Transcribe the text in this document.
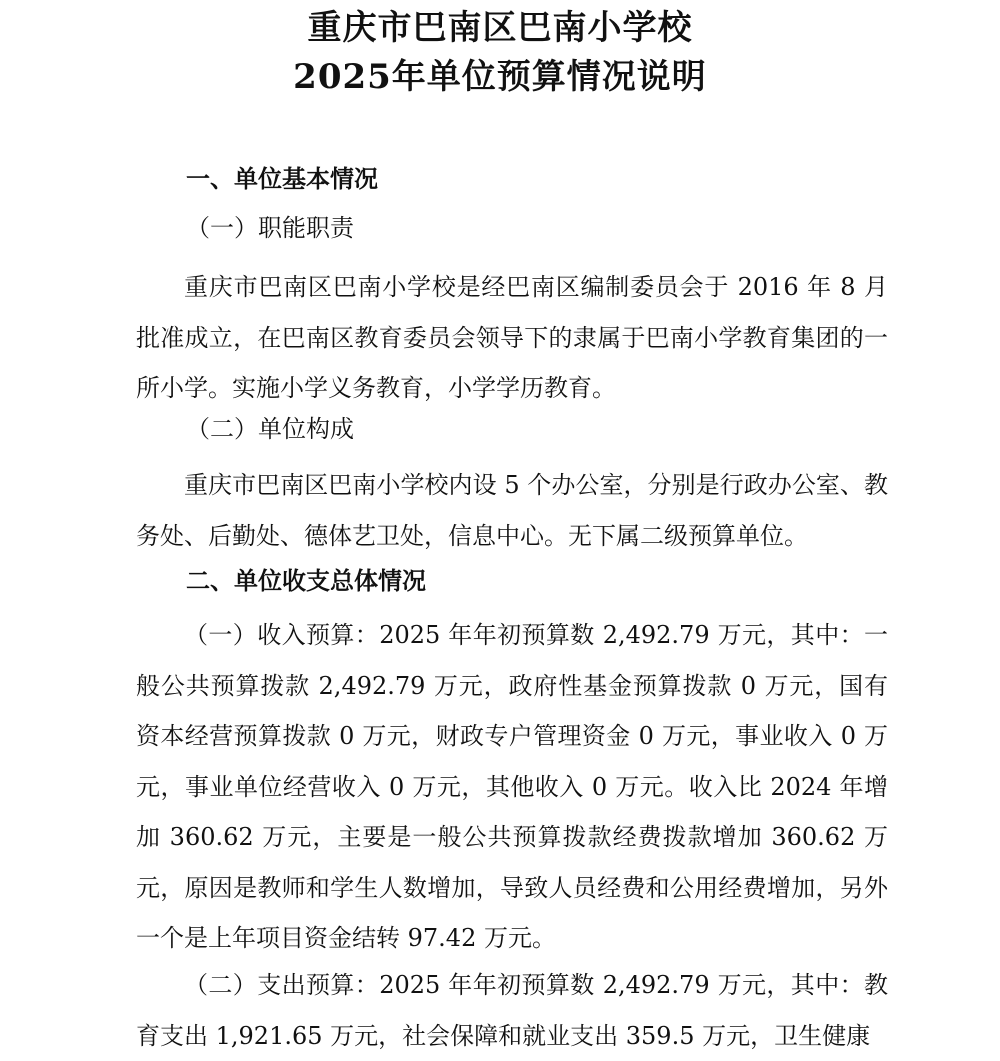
重庆市巴南区巴南小学校
2025年单位预算情况说明
一、单位基本情况
（一）职能职责

重庆市巴南区巴南小学校是经巴南区编制委员会于 2016 年 8 月批准成立，在巴南区教育委员会领导下的隶属于巴南小学教育集团的一所小学。实施小学义务教育，小学学历教育。

（二）单位构成

重庆市巴南区巴南小学校内设 5 个办公室，分别是行政办公室、教务处、后勤处、德体艺卫处，信息中心。无下属二级预算单位。

二、单位收支总体情况

（一）收入预算：2025 年年初预算数 2,492.79 万元，其中：一般公共预算拨款 2,492.79 万元，政府性基金预算拨款 0 万元，国有资本经营预算拨款 0 万元，财政专户管理资金 0 万元，事业收入 0 万元，事业单位经营收入 0 万元，其他收入 0 万元。收入比 2024 年增加 360.62 万元，主要是一般公共预算拨款经费拨款增加 360.62 万元，原因是教师和学生人数增加，导致人员经费和公用经费增加，另外一个是上年项目资金结转 97.42 万元。

（二）支出预算：2025 年年初预算数 2,492.79 万元，其中：教育支出 1,921.65 万元，社会保障和就业支出 359.5 万元，卫生健康
